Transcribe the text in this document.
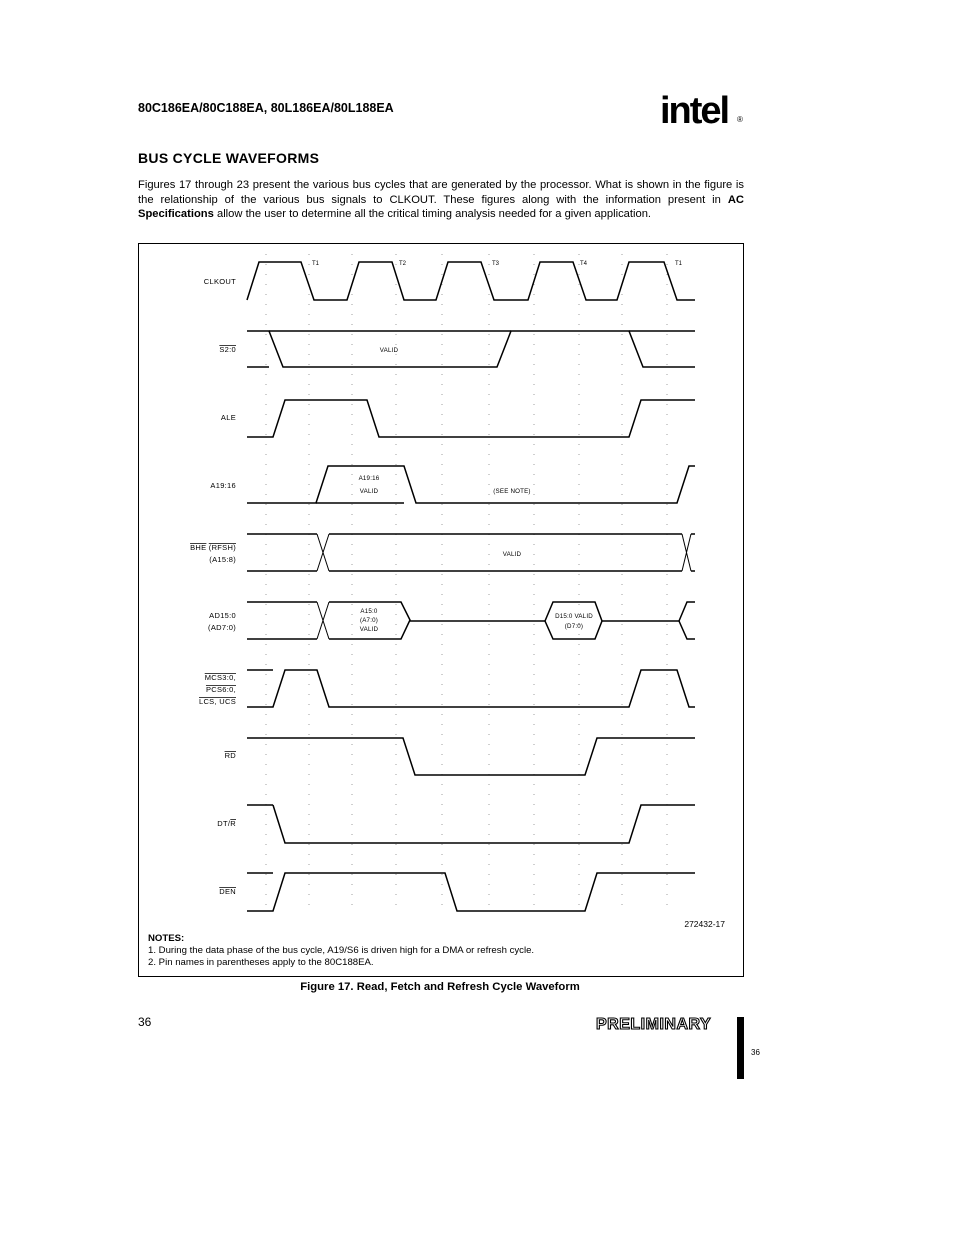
80C186EA/80C188EA, 80L186EA/80L188EA	intel ®
BUS CYCLE WAVEFORMS
Figures 17 through 23 present the various bus cycles that are generated by the processor. What is shown in the figure is the relationship of the various bus signals to CLKOUT. These figures along with the information present in AC Specifications allow the user to determine all the critical timing analysis needed for a given application.
T1	T2	T3	T4	T1
CLKOUT
S2:0
ALE
A19:16
BHE (RFSH)
(A15:8)
AD15:0
(AD7:0)
MCS3:0,
PCS6:0,
LCS, UCS
RD
DT/R
DEN
VALID
A19:16
VALID	(SEE NOTE)
VALID
A15:0
(A7:0)
VALID
D15:0 VALID
(D7:0)
272432-17
NOTES:
1. During the data phase of the bus cycle, A19/S6 is driven high for a DMA or refresh cycle.
2. Pin names in parentheses apply to the 80C188EA.
Figure 17. Read, Fetch and Refresh Cycle Waveform
36	PRELIMINARY
36
